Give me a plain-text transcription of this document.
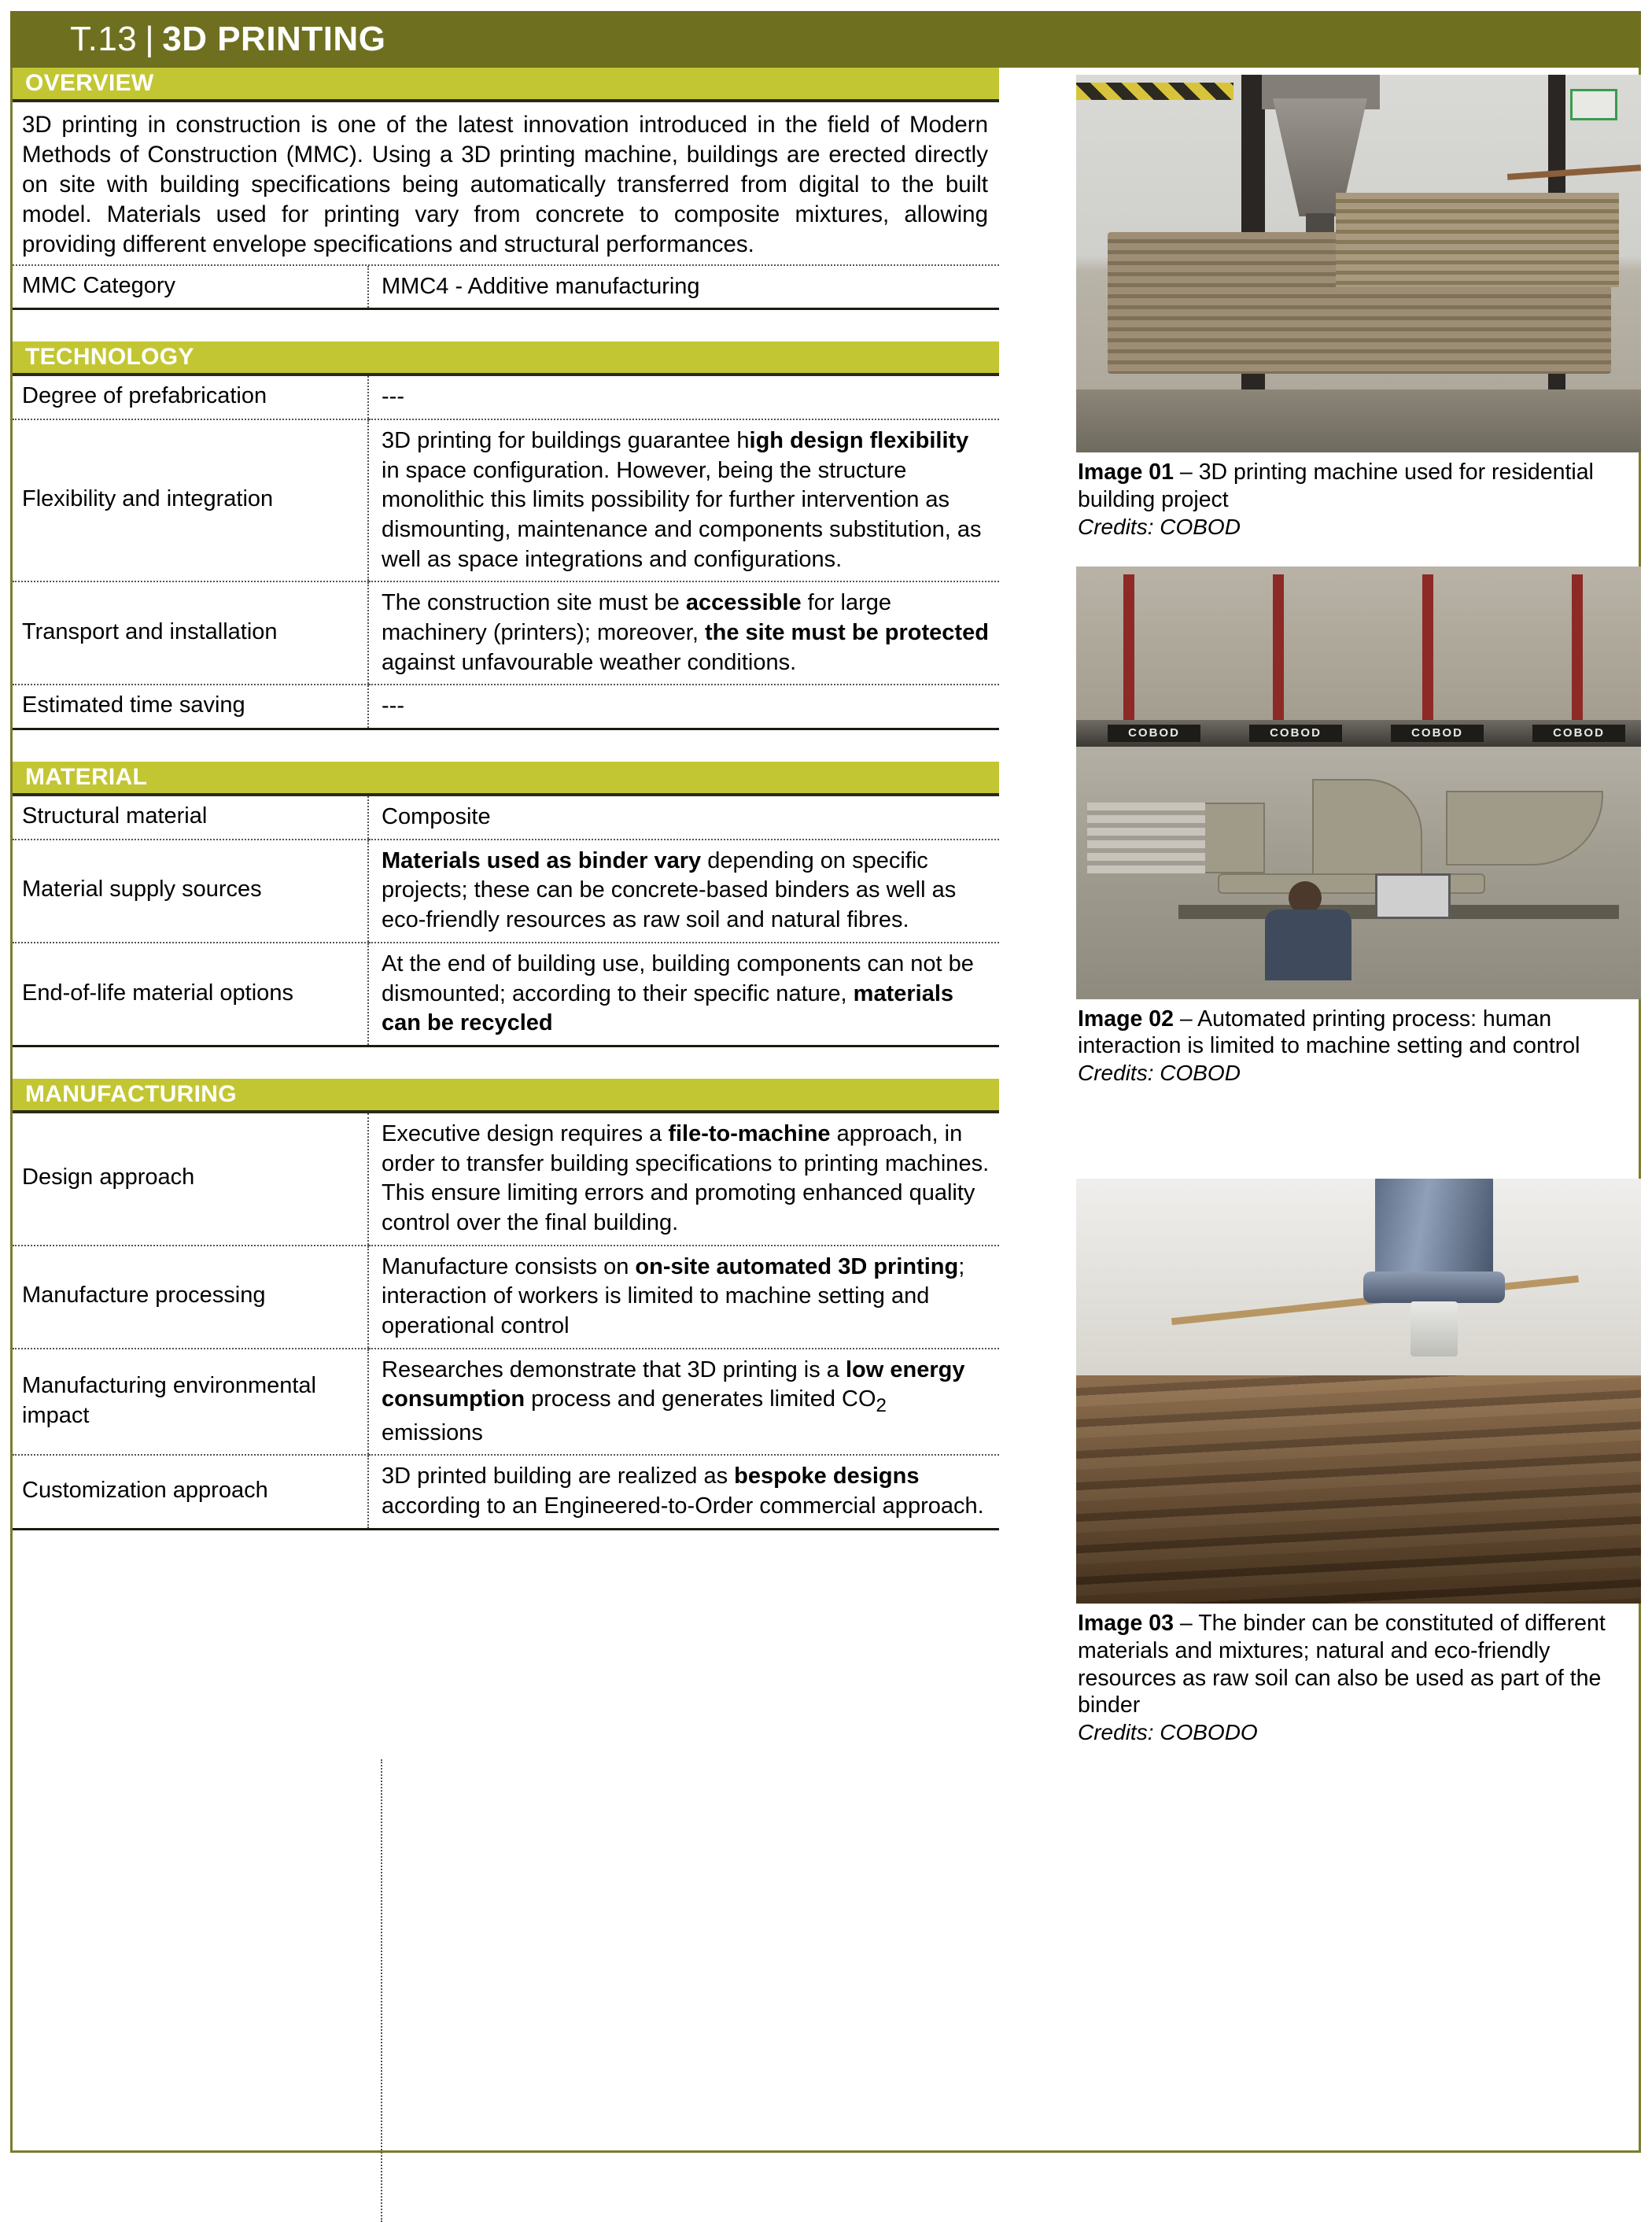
T.13 | 3D PRINTING

OVERVIEW
3D printing in construction is one of the latest innovation introduced in the field of Modern Methods of Construction (MMC). Using a 3D printing machine, buildings are erected directly on site with building specifications being automatically transferred from digital to the built model. Materials used for printing vary from concrete to composite mixtures, allowing providing different envelope specifications and structural performances.
MMC Category	MMC4 - Additive manufacturing
TECHNOLOGY
Degree of prefabrication	---
Flexibility and integration	3D printing for buildings guarantee high design flexibility in space configuration. However, being the structure monolithic this limits possibility for further intervention as dismounting, maintenance and components substitution, as well as space integrations and configurations.
Transport and installation	The construction site must be accessible for large machinery (printers); moreover, the site must be protected against unfavourable weather conditions.
Estimated time saving	---
MATERIAL
Structural material	Composite
Material supply sources	Materials used as binder vary depending on specific projects; these can be concrete-based binders as well as eco-friendly resources as raw soil and natural fibres.
End-of-life material options	At the end of building use, building components can not be dismounted; according to their specific nature, materials can be recycled
MANUFACTURING
Design approach	Executive design requires a file-to-machine approach, in order to transfer building specifications to printing machines. This ensure limiting errors and promoting enhanced quality control over the final building.
Manufacture processing	Manufacture consists on on-site automated 3D printing; interaction of workers is limited to machine setting and operational control
Manufacturing environmental impact	Researches demonstrate that 3D printing is a low energy consumption process and generates limited $CO_2$ emissions
Customization approach	3D printed building are realized as bespoke designs according to an Engineered-to-Order commercial approach.
Image 01 – 3D printing machine used for residential building project
Credits: COBOD
COBOD	COBOD	COBOD	COBOD
Image 02 – Automated printing process: human interaction is limited to machine setting and control
Credits: COBOD
Image 03 – The binder can be constituted of different materials and mixtures; natural and eco-friendly resources as raw soil can also be used as part of the binder
Credits: COBODO
